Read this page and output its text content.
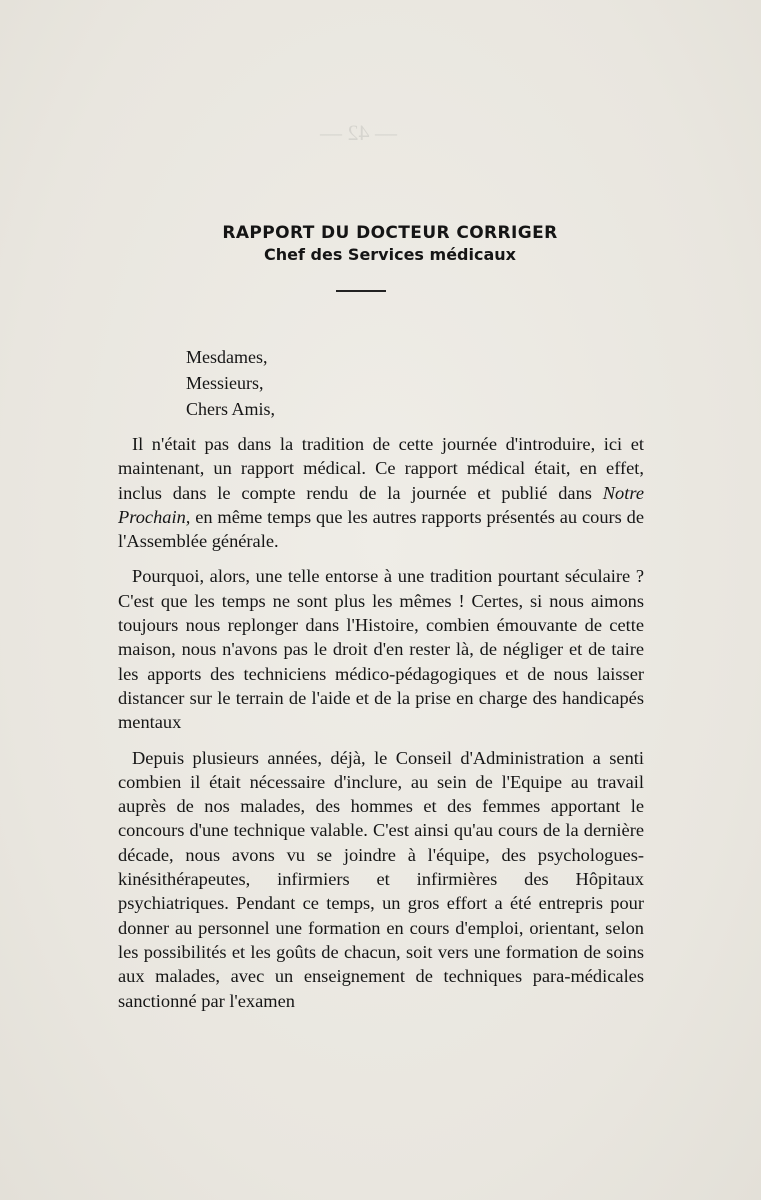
— 42 —
RAPPORT DU DOCTEUR CORRIGER
Chef des Services médicaux
Mesdames,
Messieurs,
Chers Amis,

Il n'était pas dans la tradition de cette journée d'introduire, ici et maintenant, un rapport médical. Ce rapport médical était, en effet, inclus dans le compte rendu de la journée et publié dans Notre Prochain, en même temps que les autres rapports présentés au cours de l'Assemblée générale.

Pourquoi, alors, une telle entorse à une tradition pourtant séculaire ? C'est que les temps ne sont plus les mêmes ! Certes, si nous aimons toujours nous replonger dans l'Histoire, combien émouvante de cette maison, nous n'avons pas le droit d'en rester là, de négliger et de taire les apports des techniciens médico-pédagogiques et de nous laisser distancer sur le terrain de l'aide et de la prise en charge des handicapés mentaux

Depuis plusieurs années, déjà, le Conseil d'Administration a senti combien il était nécessaire d'inclure, au sein de l'Equipe au travail auprès de nos malades, des hommes et des femmes apportant le concours d'une technique valable. C'est ainsi qu'au cours de la dernière décade, nous avons vu se joindre à l'équipe, des psychologues-kinésithérapeutes, infirmiers et infirmières des Hôpitaux psychiatriques. Pendant ce temps, un gros effort a été entrepris pour donner au personnel une formation en cours d'emploi, orientant, selon les possibilités et les goûts de chacun, soit vers une formation de soins aux malades, avec un enseignement de techniques para-médicales sanctionné par l'examen
